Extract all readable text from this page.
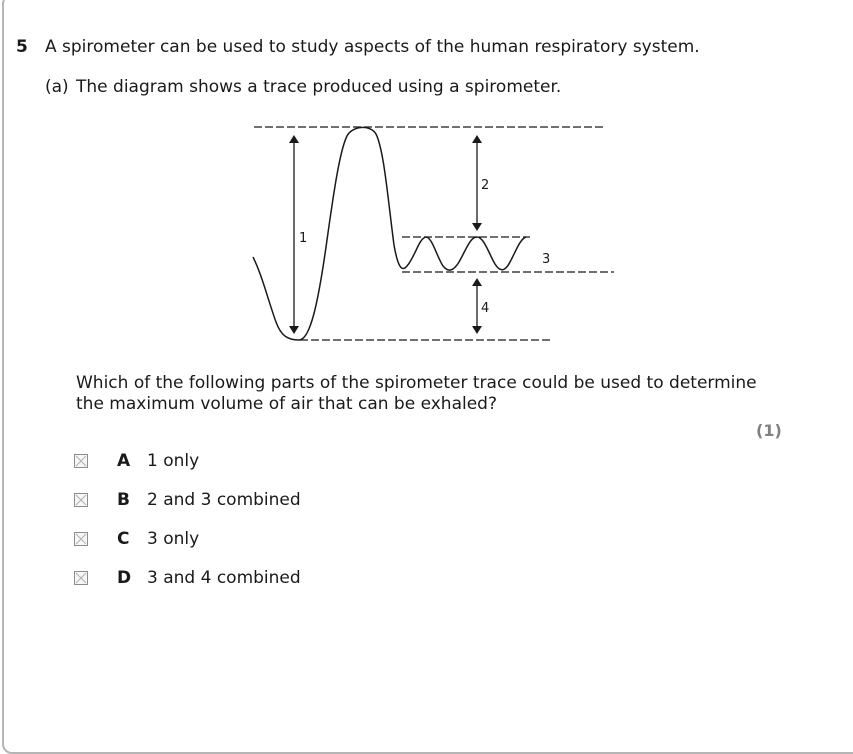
5 A spirometer can be used to study aspects of the human respiratory system.
(a) The diagram shows a trace produced using a spirometer.
1
2
3
4
Which of the following parts of the spirometer trace could be used to determine the maximum volume of air that can be exhaled?
(1)
A 1 only
B	2 and 3 combined
C	3 only
D 3 and 4 combined
